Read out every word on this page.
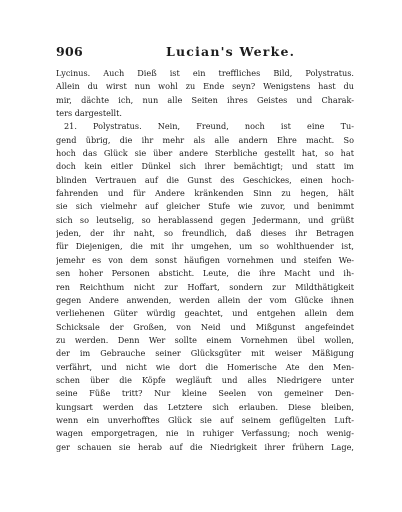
906	Lucian's Werke.
Lycinus. Auch Dieß ist ein treffliches Bild, Polystratus.
Allein du wirst nun wohl zu Ende seyn? Wenigstens hast du
mir, dächte ich, nun alle Seiten ihres Geistes und Charak-
ters dargestellt.
21. Polystratus. Nein, Freund, noch ist eine Tu-
gend übrig, die ihr mehr als alle andern Ehre macht. So
hoch das Glück sie über andere Sterbliche gestellt hat, so hat
doch kein eitler Dünkel sich ihrer bemächtigt; und statt im
blinden Vertrauen auf die Gunst des Geschickes, einen hoch-
fahrenden und für Andere kränkenden Sinn zu hegen, hält
sie sich vielmehr auf gleicher Stufe wie zuvor, und benimmt
sich so leutselig, so herablassend gegen Jedermann, und grüßt
jeden, der ihr naht, so freundlich, daß dieses ihr Betragen
für Diejenigen, die mit ihr umgehen, um so wohlthuender ist,
jemehr es von dem sonst häufigen vornehmen und steifen We-
sen hoher Personen absticht. Leute, die ihre Macht und ih-
ren Reichthum nicht zur Hoffart, sondern zur Mildthätigkeit
gegen Andere anwenden, werden allein der vom Glücke ihnen
verliehenen Güter würdig geachtet, und entgehen allein dem
Schicksale der Großen, von Neid und Mißgunst angefeindet
zu werden. Denn Wer sollte einem Vornehmen übel wollen,
der im Gebrauche seiner Glücksgüter mit weiser Mäßigung
verfährt, und nicht wie dort die Homerische Ate den Men-
schen über die Köpfe wegläuft und alles Niedrigere unter
seine Füße tritt? Nur kleine Seelen von gemeiner Den-
kungsart werden das Letztere sich erlauben. Diese bleiben,
wenn ein unverhofftes Glück sie auf seinem geflügelten Luft-
wagen emporgetragen, nie in ruhiger Verfassung; noch wenig-
ger schauen sie herab auf die Niedrigkeit ihrer frühern Lage,
